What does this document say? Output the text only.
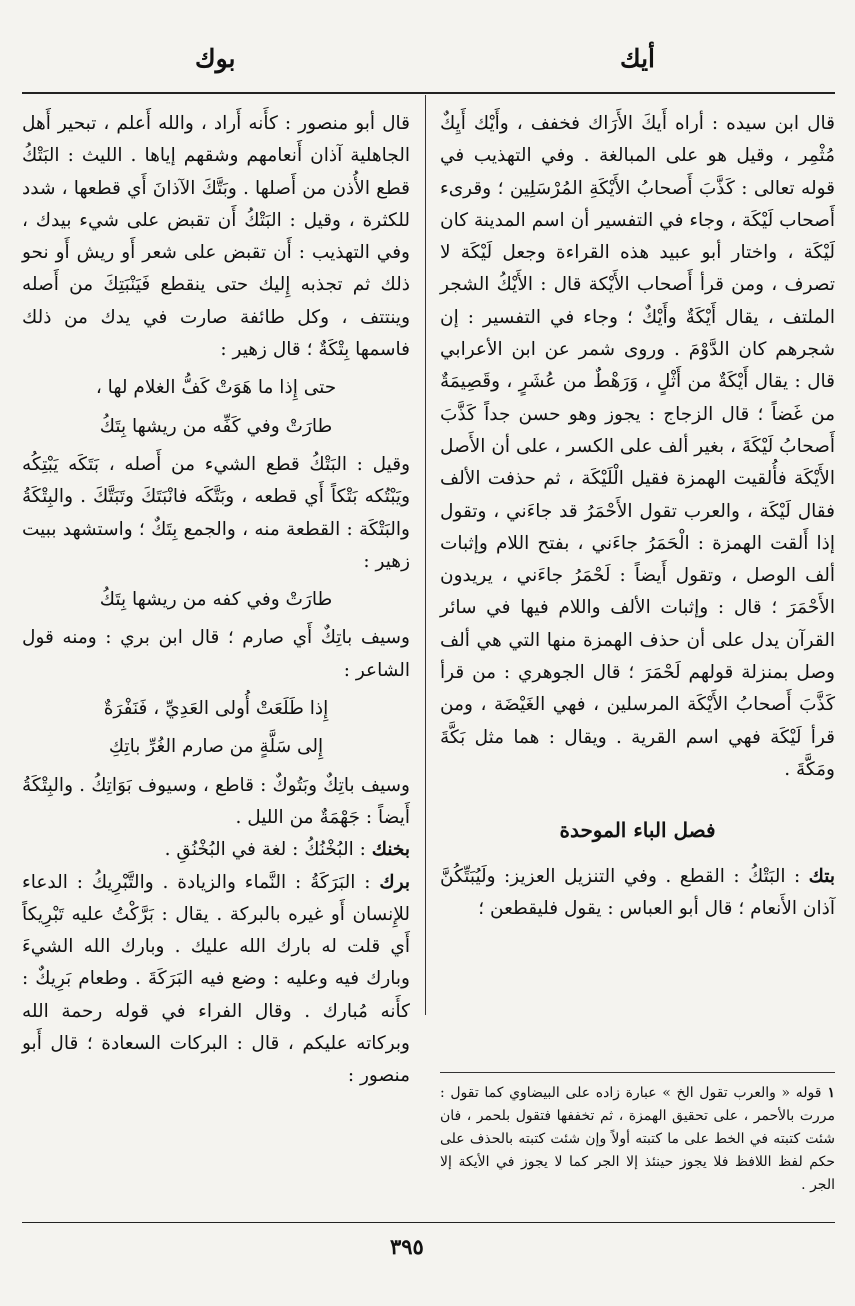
بوك	أيك

قال ابن سيده : أراه أَيكَ الأَرَاك فخفف ، وأَيْك أَيِكٌ مُثْمِر ، وقيل هو على المبالغة . وفي التهذيب في قوله تعالى : كَذَّبَ أَصحابُ الأَيْكَةِ المُرْسَلِين ؛ وقرىء أَصحاب لَيْكَة ، وجاء في التفسير أن اسم المدينة كان لَيْكَة ، واختار أبو عبيد هذه القراءة وجعل لَيْكَة لا تصرف ، ومن قرأ أَصحاب الأَيْكة قال : الأَيْكُ الشجر الملتف ، يقال أَيْكَةٌ وأَيْكٌ ؛ وجاء في التفسير : إن شجرهم كان الدَّوْمَ . وروى شمر عن ابن الأعرابي قال : يقال أَيْكَةٌ من أَثْلٍ ، وَرَهْطٌ من عُشَرٍ ، وقَصِيمَةٌ من غَضاً ؛ قال الزجاج : يجوز وهو حسن جداً كَذَّبَ أَصحابُ لَيْكَةَ ، بغير ألف على الكسر ، على أن الأَصل الأَيْكَة فأُلقيت الهمزة فقيل الْلَيْكَة ، ثم حذفت الألف فقال لَيْكَة ، والعرب تقول الأَحْمَرُ قد جاءَني ، وتقول إذا أَلقت الهمزة : الْحَمَرُ جاءَني ، بفتح اللام وإثبات ألف الوصل ، وتقول أَيضاً : لَحْمَرُ جاءَني ، يريدون الأَحْمَرَ ؛ قال : وإثبات الألف واللام فيها في سائر القرآن يدل على أن حذف الهمزة منها التي هي ألف وصل بمنزلة قولهم لَحْمَرَ ؛ قال الجوهري : من قرأ كَذَّبَ أَصحابُ الأَيْكَة المرسلين ، فهي الغَيْضَة ، ومن قرأ لَيْكَة فهي اسم القرية . ويقال : هما مثل بَكَّةَ ومَكَّةَ .

فصل الباء الموحدة

بتك : البَتْكُ : القطع . وفي التنزيل العزيز: ولَيُبَتِّكُنَّ آذان الأَنعام ؛ قال أبو العباس : يقول فليقطعن ؛

قال أبو منصور : كأَنه أَراد ، والله أَعلم ، تبحير أَهل الجاهلية آذان أَنعامهم وشقهم إياها . الليث : البَتْكُ قطع الأُذن من أَصلها . وبَتَّكَ الآذانَ أَي قطعها ، شدد للكثرة ، وقيل : البَتْكُ أَن تقبض على شيء بيدك ، وفي التهذيب : أَن تقبض على شعر أَو ريش أَو نحو ذلك ثم تجذبه إِليك حتى ينقطع فَيَنْبَتِكَ من أَصله وينتتف ، وكل طائفة صارت في يدك من ذلك فاسمها بِتْكَةٌ ؛ قال زهير :

حتى إِذا ما هَوَتْ كَفُّ الغلام لها ،

طارَتْ وفي كَفِّه من ريشها بِتَكُ

وقيل : البَتْكُ قطع الشيء من أَصله ، بَتَكَه يَبْتِكُه ويَبْتُكه بَتْكاً أَي قطعه ، وبَتَّكَه فانْبَتَكَ وتَبَتَّكَ . والبِتْكَةُ والبَتْكَة : القطعة منه ، والجمع بِتَكٌ ؛ واستشهد ببيت زهير :

طارَتْ وفي كفه من ريشها بِتَكُ

وسيف باتِكٌ أَي صارم ؛ قال ابن بري : ومنه قول الشاعر :

إِذا طَلَعَتْ أُولى العَدِيِّ ، فَنَفْرَةٌ

إِلى سَلَّةٍ من صارم الغُرِّ باتِكِ

وسيف باتِكٌ وبَتُوكٌ : قاطع ، وسيوف بَوَاتِكُ . والبِتْكَةُ أَيضاً : جَهْمَةٌ من الليل .

بخنك : البُخْنُكُ : لغة في البُخْنُقِ .

برك : البَرَكَةُ : النَّماء والزيادة . والتَّبْرِيكُ : الدعاء للإِنسان أَو غيره بالبركة . يقال : بَرَّكْتُ عليه تَبْرِيكاً أَي قلت له بارك الله عليك . وبارك الله الشيءَ وبارك فيه وعليه : وضع فيه البَرَكَةَ . وطعام بَرِيكٌ : كأَنه مُبارك . وقال الفراء في قوله رحمة الله وبركاته عليكم ، قال : البركات السعادة ؛ قال أَبو منصور :

١قوله « والعرب تقول الخ » عبارة زاده على البيضاوي كما تقول : مررت بالأحمر ، على تحقيق الهمزة ، ثم تخففها فتقول بلحمر ، فان شئت كتبته في الخط على ما كتبته أولاً وإن شئت كتبته بالحذف على حكم لفظ اللافظ فلا يجوز حينئذ إلا الجر كما لا يجوز في الأيكة إلا الجر .
٣٩٥
